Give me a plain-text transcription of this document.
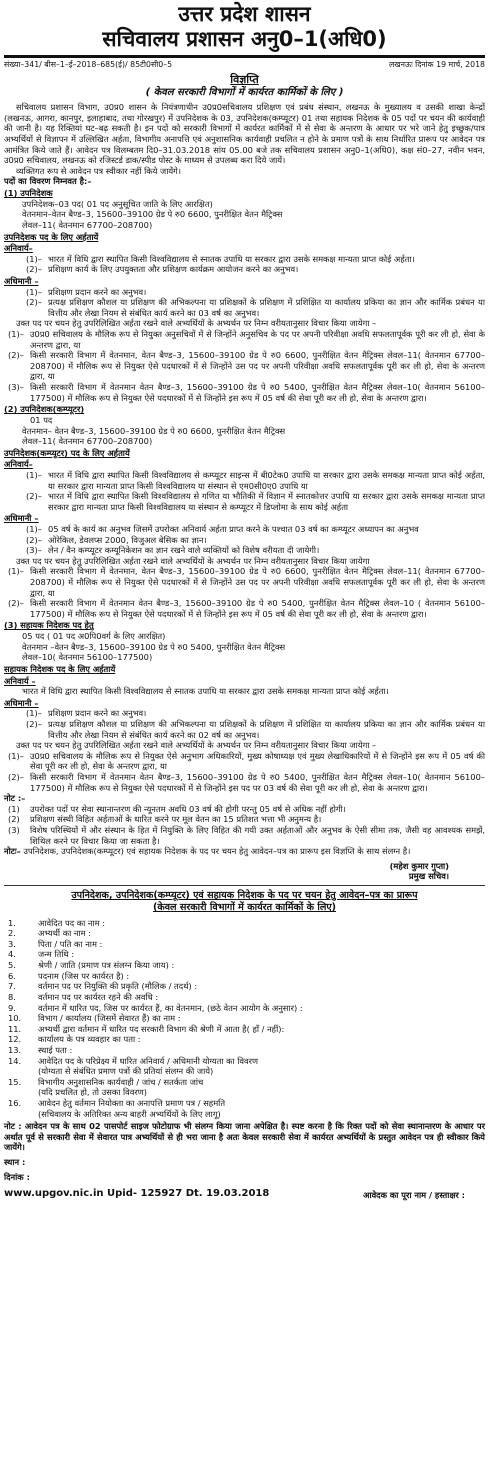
उत्तर प्रदेश शासन
सचिवालय प्रशासन अनु0–1(अधि0)
संख्या–341/ बीस–1–ई–2018–685(ई)/ 85टी0सी0–5	लखनऊः दिनांक 19 मार्च, 2018
विज्ञप्ति
( केवल सरकारी विभागों में कार्यरत कार्मिकों के लिए )

सचिवालय प्रशासन विभाग, उ0प्र0 शासन के नियंत्रणाधीन उ0प्र0सचिवालय प्रशिक्षण एवं प्रबंध संस्थान, लखनऊ के मुख्यालय व उसकी शाखा केन्द्रों (लखनऊ, आगरा, कानपुर, इलाहाबाद, तथा गोरखपुर) में उपनिदेशक के 03, उपनिदेशक(कम्प्यूटर) 01 तथा सहायक निदेशक के 05 पदों पर चयन की कार्यवाही की जानी है। यह रिक्तियां घट–बढ़ सकती है। इन पदों को सरकारी विभागों में कार्यरत कार्मिकों में से सेवा के अन्तरण के आधार पर भरे जाने हेतु इच्छुक/पात्र अभ्यर्थियों से विज्ञापन में उल्लिखित अर्हता, विभागीय अनापत्ति एवं अनुशासनिक कार्यवाही प्रचलित न होने के प्रमाण पत्रों के साथ निर्धारित प्रारूप पर आवेदन पत्र आमंत्रित किये जाते हैं। आवेदन पत्र विलम्बतम दि0–31.03.2018 सांय 05.00 बजे तक सचिवालय प्रशासन अनु0–1(अधि0), कक्ष सं0–27, नवीन भवन, उ0प्र0 सचिवालय, लखनऊ को रजिस्टर्ड डाक/स्पीड पोस्ट के माध्यम से उपलब्ध करा दिये जायें।

व्यक्तिगत रूप से आवेदन पत्र स्वीकार नहीं किये जायेंगे।

पदों का विवरण निम्नवत है:–

(1) उपनिदेशक

उपनिदेशक–03 पद( 01 पद अनुसूचित जाति के लिए आरक्षित)

वेतनमान–वेतन बैण्ड–3, 15600–39100 ग्रेड पे रु0 6600, पुनरीक्षित वेतन मैट्रिक्स

लेवल–11( वेतनमान 67700–208700)

उपनिदेशक पद के लिए अर्हतायें

अनिवार्य–

(1)– भारत में विधि द्वारा स्थापित किसी विश्वविद्यालय से स्नातक उपाधि या सरकार द्वारा उसके समकक्ष मान्यता प्राप्त कोई अर्हता।
(2)– प्रशिक्षण कार्य के लिए उपयुक्तता और प्रशिक्षण कार्यक्रम आयोजन करने का अनुभव।

अधिमानी –

(1)– प्रशिक्षण प्रदान करने का अनुभव।
(2)– प्रत्यक्ष प्रशिक्षण कौशल या प्रशिक्षण की अभिकल्पना या प्रशिक्षकों के प्रशिक्षण में प्रशिक्षित या कार्यालय प्रकिया का ज्ञान और कार्मिक प्रबंधन या वित्तीय और लेखा नियम से संबंधित कार्य करने का 03 वर्ष का अनुभव।

उक्त पद पर चयन हेतु उपरिलिखित अर्हता रखने वाले अभ्यर्थियों के अभ्यर्थन पर निम्न वरीयतानुसार विचार किया जायेगा –

(1)– उ0प्र0 सचिवालय के मौलिक रूप से नियुक्त अनुसचिवों में से जिन्होंने अनुसचिव के पद पर अपनी परिवीक्षा अवधि सफलतापूर्वक पूरी कर ली हो, सेवा के अन्तरण द्वारा, या
(2)– किसी सरकारी विभाग में वेतनमान, वेतन बैण्ड–3, 15600–39100 ग्रेड पे रु0 6600, पुनरीक्षित वेतन मैट्रिक्स लेवल–11( वेतनमान 67700–208700) में मौलिक रूप से नियुक्त ऐसे पदधारकों में से जिन्होंने उस पद पर अपनी परिवीक्षा अवधि सफलतापूर्वक पूरी कर ली हो, सेवा के अन्तरण द्वारा, या
(3)– किसी सरकारी विभाग में वेतनमान वेतन बैण्ड–3, 15600–39100 ग्रेड पे रु0 5400, पुनरीक्षित वेतन मैट्रिक्स लेवल–10( वेतनमान 56100–177500) में मौलिक रूप से नियुक्त ऐसे पदधारकों में से जिन्होंने इस रूप में 05 वर्ष की सेवा पूरी कर ली हो, सेवा के अन्तरण द्वारा।

(2) उपनिदेशक(कम्प्यूटर)

01 पद

वेतनमान– वेतन बैण्ड–3, 15600–39100 ग्रेड पे रु0 6600, पुनरीक्षित वेतन मैट्रिक्स

लेवल–11( वेतनमान 67700–208700)

उपनिदेशक(कम्प्यूटर) पद के लिए अर्हतायें

अनिवार्य–

(1)– भारत में विधि द्वारा स्थापित किसी विश्वविद्यालय से कम्प्यूटर साइन्स में बी0टेक0 उपाधि या सरकार द्वारा उसके समकक्ष मान्यता प्राप्त कोई अर्हता, या सरकार द्वारा मान्यता प्राप्त किसी विश्वविद्यालय या संस्थान से एम0सी0ए0 उपाधि या
(2)– भारत में विधि द्वारा स्थापित किसी विश्वविद्यालय से गणित या भौतिकी में विज्ञान में स्नातकोत्तर उपाधि या सरकार द्वारा उसके समकक्ष मान्यता प्राप्त सरकार द्वारा मान्यता प्राप्त किसी विश्वविद्यालय या संस्थान से कम्प्यूटर में डिप्लोमा के साथ कोई अर्हता

अधिमानी –

(1)– 05 वर्ष के कार्य का अनुभव जिसमें उपरोक्त अनिवार्य अर्हता प्राप्त करने के पश्चात 03 वर्ष का कम्प्यूटर अध्यापन का अनुभव
(2)– ओरेकिल, डेवलप्स 2000, विजुअल बेसिक का ज्ञान।
(3)– लेन / वैन कम्प्यूटर कम्यूनिकेशन का ज्ञान रखने वाले व्यक्तियों को विशेष वरीयता दी जायेगी।

उक्त पद पर चयन हेतु उपरिलिखित अर्हता रखने वाले अभ्यर्थियों के अभ्यर्थन पर निम्न वरीयतानुसार विचार किया जायेगा

(1)– किसी सरकारी विभाग में वेतनमान, वेतन बैण्ड–3, 15600–39100 ग्रेड पे रु0 6600, पुनरीक्षित वेतन मैट्रिक्स लेवल–11( वेतनमान 67700–208700) में मौलिक रूप से नियुक्त ऐसे पदधारकों में से जिन्होंने उस पद पर अपनी परिवीक्षा अवधि सफलतापूर्वक पूरी कर ली हो, सेवा के अन्तरण द्वारा, या
(2)– किसी सरकारी विभाग में वेतनमान वेतन बैण्ड–3, 15600–39100 ग्रेड पे रु0 5400, पुनरीक्षित वेतन मैट्रिक्स लेवल–10 ( वेतनमान 56100–177500) में मौलिक रूप से नियुक्त ऐसे पदधारकों में से जिन्होंने इस रूप में 05 वर्ष की सेवा पूरी कर ली हो, सेवा के अन्तरण द्वारा।

(3) सहायक निदेशक पद हेतु

05 पद ( 01 पद अ0पि0वर्ग के लिए आरक्षित)

वेतनमान –वेतन बैण्ड–3, 15600–39100 ग्रेड पे रु0 5400, पुनरीक्षित वेतन मैट्रिक्स

लेवल–10( वेतनमान 56100–177500)

सहायक निदेशक पद के लिए अर्हतायें

अनिवार्य –

भारत में विधि द्वारा स्थापित किसी विश्वविद्यालय से स्नातक उपाधि या सरकार द्वारा उसके समकक्ष मान्यता प्राप्त कोई अर्हता।

अधिमानी –

(1)– प्रशिक्षण प्रदान करने का अनुभव।
(2)– प्रत्यक्ष प्रशिक्षण कौशल या प्रशिक्षण की अभिकल्पना या प्रशिक्षकों के प्रशिक्षण में प्रशिक्षित या कार्यालय प्रकिया का ज्ञान और कार्मिक प्रबंधन या वित्तीय और लेखा नियम से संबंधित कार्य करने का 02 वर्ष का अनुभव।

उक्त पद पर चयन हेतु उपरिलिखित अर्हता रखने वाले अभ्यर्थियों के अभ्यर्थन पर निम्न वरीयतानुसार विचार किया जायेगा –

(1)– उ0प्र0 सचिवालय के मौलिक रूप से नियुक्त ऐसे अनुभाग अधिकारियों, मुख्य कोषाध्यक्ष एवं मुख्य लेखाधिकारियों में से जिन्होंने इस रूप में 05 वर्ष की सेवा पूरी कर ली हो, सेवा के अन्तरण द्वारा, या
(2)– किसी सरकारी विभाग में वेतनमान वेतन बैण्ड–3, 15600–39100 ग्रेड पे रु0 5400, पुनरीक्षित वेतन मैट्रिक्स लेवल–10( वेतनमान 56100–177500) में मौलिक रूप से नियुक्त ऐसे पदधारकों में से जिन्होंने इस पद पर 03 वर्ष की सेवा पूरी कर ली हो, सेवा के अन्तरण द्वारा।

नोट :–

(1)	उपरोक्त पदों पर सेवा स्थानान्तरण की न्यूनतम अवधि 03 वर्ष की होगी परन्तु 05 वर्ष से अधिक नहीं होगी।
(2)	प्रशिक्षण संस्थी विहित अर्हताओं के धारित करने पर मूल वेतन का 15 प्रतिशत भत्ता भी अनुमन्य है।
(3)	विशेष परिस्थियों में और संस्थान के हित में नियुक्ति के लिए विहित की गयी उक्त अर्हताओं और अनुभव के ऐसी सीमा तक, जैसी वह आवश्यक समझें, शिथिल करने पर विचार किया जा सकता है।

नोटः– उपनिदेशक, उपनिदेशक(कम्प्यूटर) एवं सहायक निदेशक के पद पर चयन हेतु आवेदन–पत्र का प्रारूप इस विज्ञप्ति के साथ संलग्न है।

(महेश कुमार गुप्ता)
प्रमुख सचिव।
उपनिदेशक, उपनिदेशक(कम्प्यूटर) एवं सहायक निदेशक के पद पर चयन हेतु आवेदन–पत्र का प्रारूप
(केवल सरकारी विभागों में कार्यरत कार्मिकों के लिए)
1.	आवेदित पद का नाम :
2.	अभ्यर्थी का नाम :
3.	पिता / पति का नाम :
4.	जन्म तिथि :
5.	श्रेणी / जाति (प्रमाण पत्र संलग्न किया जाय) :
6.	पदनाम (जिस पर कार्यरत है) :
7.	वर्तमान पद पर नियुक्ति की प्रकृति (मौलिक / तदर्थ) :
8.	वर्तमान पद पर कार्यरत रहने की अवधि :
9.	वर्तमान में धारित पद, जिस पर कार्यरत हैं, का वेतनमान, (छठे वेतन आयोग के अनुसार) :
10.	विभाग / कार्यालय (जिसमें सेवारत हैं) का नाम :
11.	अभ्यर्थी द्वारा वर्तमान में धारित पद सरकारी विभाग की श्रेणी में आता है( हाँ / नहीं):
12.	कार्यालय के पत्र व्यवहार का पता :
13.	स्थाई पता :
14.	आवेदित पद के परिप्रेक्ष्य में धारित अनिवार्य / अधिमानी योग्यता का विवरण
(योग्यता से संबंधित प्रमाण पत्रों की प्रतियां संलग्न की जाये)
15.	विभागीय अनुशासनिक कार्यवाही / जांच / सतर्कता जांच
(यदि प्रचलित हो, तो उसका विवरण)
16.	आवेदन हेतु वर्तमान नियोक्ता का अनापत्ति प्रमाण पत्र / सहमति
(सचिवालय के अतिरिक्त अन्य बाहरी अभ्यर्थियों के लिए लागू)

नोट : आवेदन पत्र के साथ 02 पासपोर्ट साइज फोटोग्राफ भी संलग्न किया जाना अपेक्षित है। स्पष्ट करना है कि रिक्त पदों को सेवा स्थानान्तरण के आधार पर अर्थात पूर्व से सरकारी सेवा में सेवारत पात्र अभ्यर्थियों से ही भरा जाना है अतः केवल सरकारी सेवा में कार्यरत अभ्यर्थियों के प्रस्तुत आवेदन पत्र ही स्वीकार किये जायेंगे।

स्थान :

दिनांक :

www.upgov.nic.in Upid- 125927 Dt. 19.03.2018	आवेदक का पूरा नाम / हस्ताक्षर :
